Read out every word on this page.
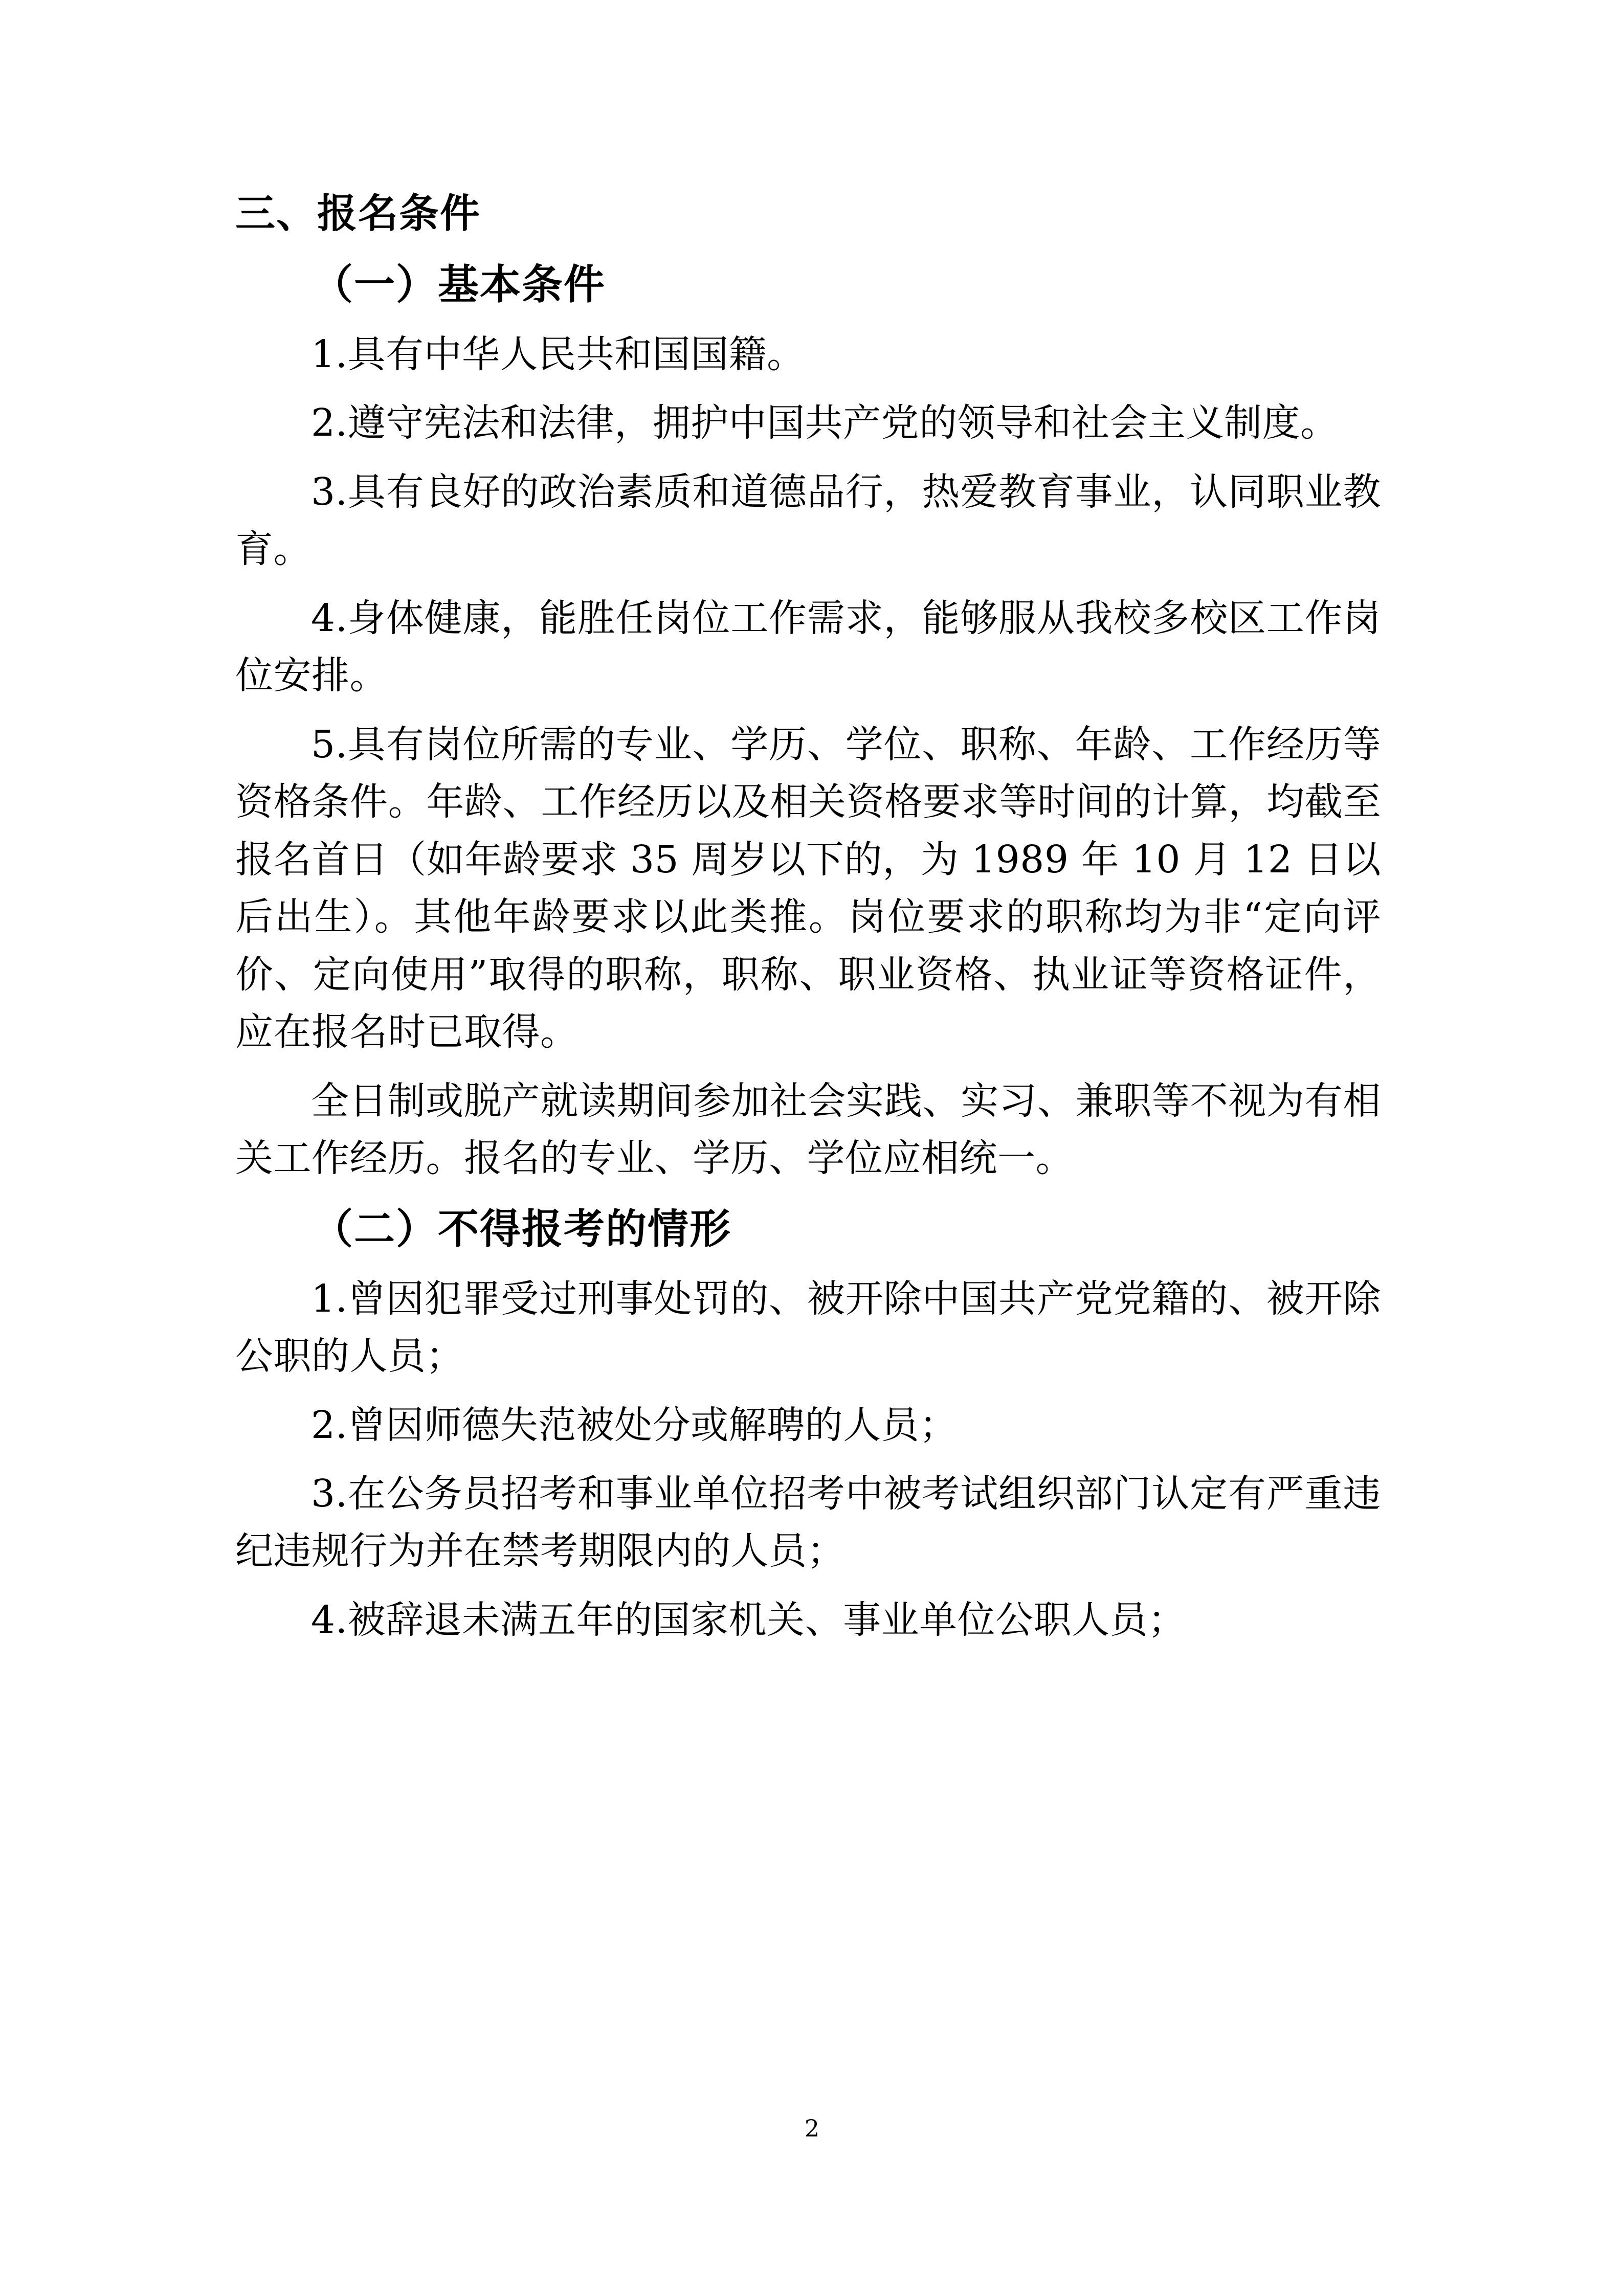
三、报名条件

（一）基本条件

1.具有中华人民共和国国籍。

2.遵守宪法和法律，拥护中国共产党的领导和社会主义制度。

3.具有良好的政治素质和道德品行，热爱教育事业，认同职业教育。

4.身体健康，能胜任岗位工作需求，能够服从我校多校区工作岗位安排。

5.具有岗位所需的专业、学历、学位、职称、年龄、工作经历等资格条件。年龄、工作经历以及相关资格要求等时间的计算，均截至报名首日（如年龄要求 35 周岁以下的，为 1989 年 10 月 12 日以后出生）。其他年龄要求以此类推。岗位要求的职称均为非“定向评价、定向使用”取得的职称，职称、职业资格、执业证等资格证件，应在报名时已取得。

全日制或脱产就读期间参加社会实践、实习、兼职等不视为有相关工作经历。报名的专业、学历、学位应相统一。

（二）不得报考的情形

1.曾因犯罪受过刑事处罚的、被开除中国共产党党籍的、被开除公职的人员；

2.曾因师德失范被处分或解聘的人员；

3.在公务员招考和事业单位招考中被考试组织部门认定有严重违纪违规行为并在禁考期限内的人员；

4.被辞退未满五年的国家机关、事业单位公职人员；

2
